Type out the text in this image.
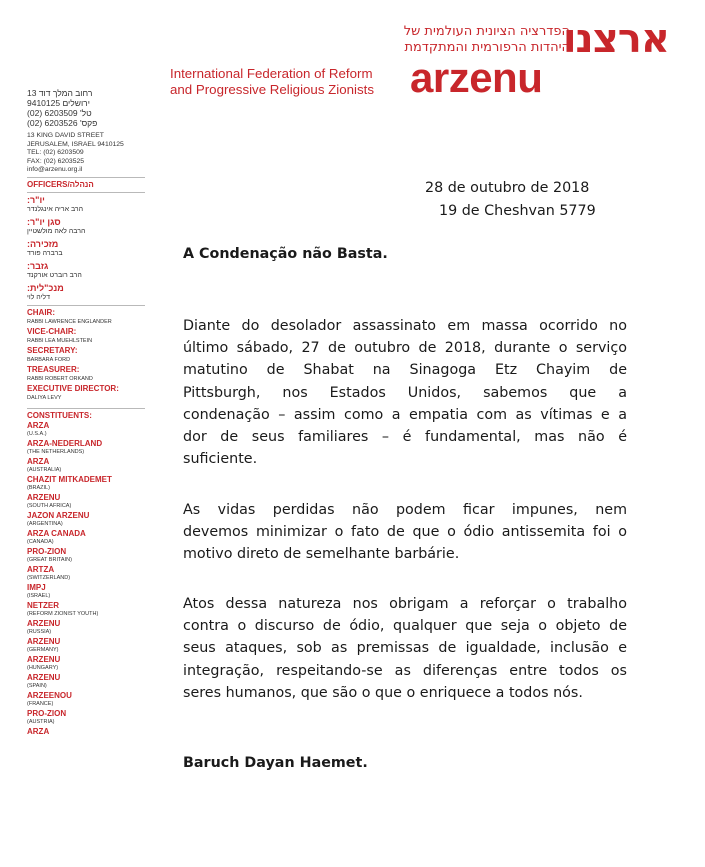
הפדרציה הציונית העולמית של
היהדות הרפורמית והמתקדמת
ארצנו
International Federation of Reform
and Progressive Religious Zionists arzenu
רחוב המלך דוד 13
ירושלים 9410125
טל' 6203509 (02)
פקס' 6203526 (02)
13 KING DAVID STREET
JERUSALEM, ISRAEL 9410125
TEL: (02) 6203509
FAX: (02) 6203525
info@arzenu.org.il
OFFICERS/הנהלה
יו"ר:
הרב אריה אינגלנדר
סגן יו"ר:
הרבה לאה מולשטיין
מזכירה:
ברברה פורד
גזבר:
הרב רוברט אורקנד
מנכ"לית:
דליה לוי
CHAIR:
RABBI LAWRENCE ENGLANDER
VICE-CHAIR:
RABBI LEA MUEHLSTEIN
SECRETARY:
BARBARA FORD
TREASURER:
RABBI ROBERT ORKAND
EXECUTIVE DIRECTOR:
DALIYA LEVY
CONSTITUENTS:
ARZA
(U.S.A.)
ARZA-NEDERLAND
(THE NETHERLANDS)
ARZA
(AUSTRALIA)
CHAZIT MITKADEMET
(BRAZIL)
ARZENU
(SOUTH AFRICA)
JAZON ARZENU
(ARGENTINA)
ARZA CANADA
(CANADA)
PRO-ZION
(GREAT BRITAIN)
ARTZA
(SWITZERLAND)
IMPJ
(ISRAEL)
NETZER
(REFORM ZIONIST YOUTH)
ARZENU
(RUSSIA)
ARZENU
(GERMANY)
ARZENU
(HUNGARY)
ARZENU
(SPAIN)
ARZEENOU
(FRANCE)
PRO-ZION
(AUSTRIA)
ARZA
28 de outubro de 2018
19 de Cheshvan 5779
A Condenação não Basta.
Diante do desolador assassinato em massa ocorrido no
último sábado, 27 de outubro de 2018, durante o serviço
matutino de Shabat na Sinagoga Etz Chayim de
Pittsburgh, nos Estados Unidos, sabemos que a
condenação – assim como a empatia com as vítimas e a
dor de seus familiares – é fundamental, mas não é
suficiente.
As vidas perdidas não podem ficar impunes, nem
devemos minimizar o fato de que o ódio antissemita foi o
motivo direto de semelhante barbárie.
Atos dessa natureza nos obrigam a reforçar o trabalho
contra o discurso de ódio, qualquer que seja o objeto de
seus ataques, sob as premissas de igualdade, inclusão e
integração, respeitando-se as diferenças entre todos os
seres humanos, que são o que o enriquece a todos nós.
Baruch Dayan Haemet.
